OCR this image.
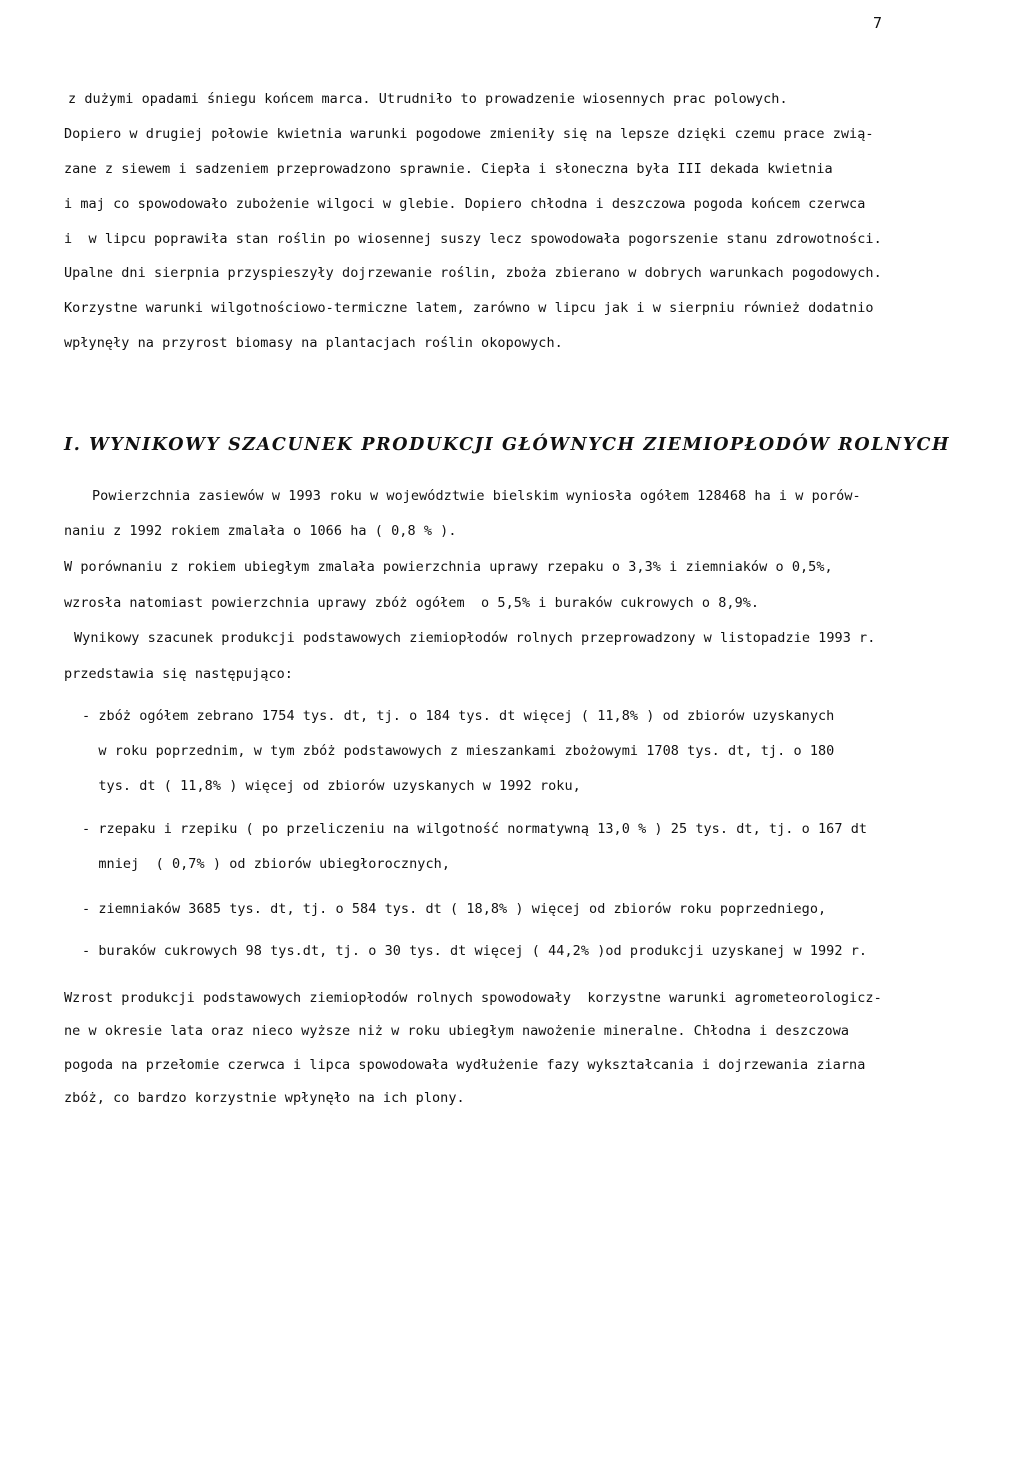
7
z dużymi opadami śniegu końcem marca. Utrudniło to prowadzenie wiosennych prac polowych.
Dopiero w drugiej połowie kwietnia warunki pogodowe zmieniły się na lepsze dzięki czemu prace zwią-
zane z siewem i sadzeniem przeprowadzono sprawnie. Ciepła i słoneczna była III dekada kwietnia
i maj co spowodowało zubożenie wilgoci w glebie. Dopiero chłodna i deszczowa pogoda końcem czerwca
i  w lipcu poprawiła stan roślin po wiosennej suszy lecz spowodowała pogorszenie stanu zdrowotności.
Upalne dni sierpnia przyspieszyły dojrzewanie roślin, zboża zbierano w dobrych warunkach pogodowych.
Korzystne warunki wilgotnościowo-termiczne latem, zarówno w lipcu jak i w sierpniu również dodatnio
wpłynęły na przyrost biomasy na plantacjach roślin okopowych.
I. WYNIKOWY SZACUNEK PRODUKCJI GŁÓWNYCH ZIEMIOPŁODÓW ROLNYCH
Powierzchnia zasiewów w 1993 roku w województwie bielskim wyniosła ogółem 128468 ha i w porów-
naniu z 1992 rokiem zmalała o 1066 ha ( 0,8 % ).
W porównaniu z rokiem ubiegłym zmalała powierzchnia uprawy rzepaku o 3,3% i ziemniaków o 0,5%,
wzrosła natomiast powierzchnia uprawy zbóż ogółem  o 5,5% i buraków cukrowych o 8,9%.
Wynikowy szacunek produkcji podstawowych ziemiopłodów rolnych przeprowadzony w listopadzie 1993 r.
przedstawia się następująco:
- zbóż ogółem zebrano 1754 tys. dt, tj. o 184 tys. dt więcej ( 11,8% ) od zbiorów uzyskanych
w roku poprzednim, w tym zbóż podstawowych z mieszankami zbożowymi 1708 tys. dt, tj. o 180
tys. dt ( 11,8% ) więcej od zbiorów uzyskanych w 1992 roku,
- rzepaku i rzepiku ( po przeliczeniu na wilgotność normatywną 13,0 % ) 25 tys. dt, tj. o 167 dt
mniej  ( 0,7% ) od zbiorów ubiegłorocznych,
- ziemniaków 3685 tys. dt, tj. o 584 tys. dt ( 18,8% ) więcej od zbiorów roku poprzedniego,
- buraków cukrowych 98 tys.dt, tj. o 30 tys. dt więcej ( 44,2% )od produkcji uzyskanej w 1992 r.
Wzrost produkcji podstawowych ziemiopłodów rolnych spowodowały  korzystne warunki agrometeorologicz-
ne w okresie lata oraz nieco wyższe niż w roku ubiegłym nawożenie mineralne. Chłodna i deszczowa
pogoda na przełomie czerwca i lipca spowodowała wydłużenie fazy wykształcania i dojrzewania ziarna
zbóż, co bardzo korzystnie wpłynęło na ich plony.
